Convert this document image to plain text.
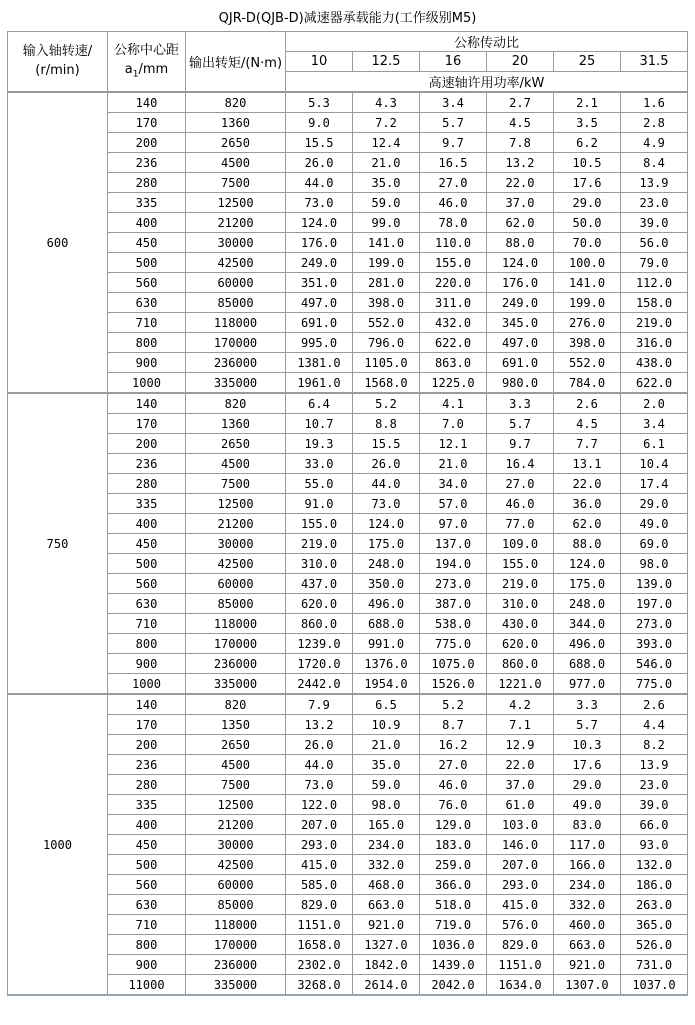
QJR-D(QJB-D)减速器承载能力(工作级别M5)
输入轴转速/
(r/min)	公称中心距
$a_1/mm$	输出转矩/(N·m)	公称传动比					
			10	12.5	16	20	25	31.5
			高速轴许用功率/kW					
600	140	820	5.3	4.3	3.4	2.7	2.1	1.6
	170	1360	9.0	7.2	5.7	4.5	3.5	2.8
	200	2650	15.5	12.4	9.7	7.8	6.2	4.9
	236	4500	26.0	21.0	16.5	13.2	10.5	8.4
	280	7500	44.0	35.0	27.0	22.0	17.6	13.9
	335	12500	73.0	59.0	46.0	37.0	29.0	23.0
	400	21200	124.0	99.0	78.0	62.0	50.0	39.0
	450	30000	176.0	141.0	110.0	88.0	70.0	56.0
	500	42500	249.0	199.0	155.0	124.0	100.0	79.0
	560	60000	351.0	281.0	220.0	176.0	141.0	112.0
	630	85000	497.0	398.0	311.0	249.0	199.0	158.0
	710	118000	691.0	552.0	432.0	345.0	276.0	219.0
	800	170000	995.0	796.0	622.0	497.0	398.0	316.0
	900	236000	1381.0	1105.0	863.0	691.0	552.0	438.0
	1000	335000	1961.0	1568.0	1225.0	980.0	784.0	622.0
750	140	820	6.4	5.2	4.1	3.3	2.6	2.0
	170	1360	10.7	8.8	7.0	5.7	4.5	3.4
	200	2650	19.3	15.5	12.1	9.7	7.7	6.1
	236	4500	33.0	26.0	21.0	16.4	13.1	10.4
	280	7500	55.0	44.0	34.0	27.0	22.0	17.4
	335	12500	91.0	73.0	57.0	46.0	36.0	29.0
	400	21200	155.0	124.0	97.0	77.0	62.0	49.0
	450	30000	219.0	175.0	137.0	109.0	88.0	69.0
	500	42500	310.0	248.0	194.0	155.0	124.0	98.0
	560	60000	437.0	350.0	273.0	219.0	175.0	139.0
	630	85000	620.0	496.0	387.0	310.0	248.0	197.0
	710	118000	860.0	688.0	538.0	430.0	344.0	273.0
	800	170000	1239.0	991.0	775.0	620.0	496.0	393.0
	900	236000	1720.0	1376.0	1075.0	860.0	688.0	546.0
	1000	335000	2442.0	1954.0	1526.0	1221.0	977.0	775.0
1000	140	820	7.9	6.5	5.2	4.2	3.3	2.6
	170	1350	13.2	10.9	8.7	7.1	5.7	4.4
	200	2650	26.0	21.0	16.2	12.9	10.3	8.2
	236	4500	44.0	35.0	27.0	22.0	17.6	13.9
	280	7500	73.0	59.0	46.0	37.0	29.0	23.0
	335	12500	122.0	98.0	76.0	61.0	49.0	39.0
	400	21200	207.0	165.0	129.0	103.0	83.0	66.0
	450	30000	293.0	234.0	183.0	146.0	117.0	93.0
	500	42500	415.0	332.0	259.0	207.0	166.0	132.0
	560	60000	585.0	468.0	366.0	293.0	234.0	186.0
	630	85000	829.0	663.0	518.0	415.0	332.0	263.0
	710	118000	1151.0	921.0	719.0	576.0	460.0	365.0
	800	170000	1658.0	1327.0	1036.0	829.0	663.0	526.0
	900	236000	2302.0	1842.0	1439.0	1151.0	921.0	731.0
	11000	335000	3268.0	2614.0	2042.0	1634.0	1307.0	1037.0
